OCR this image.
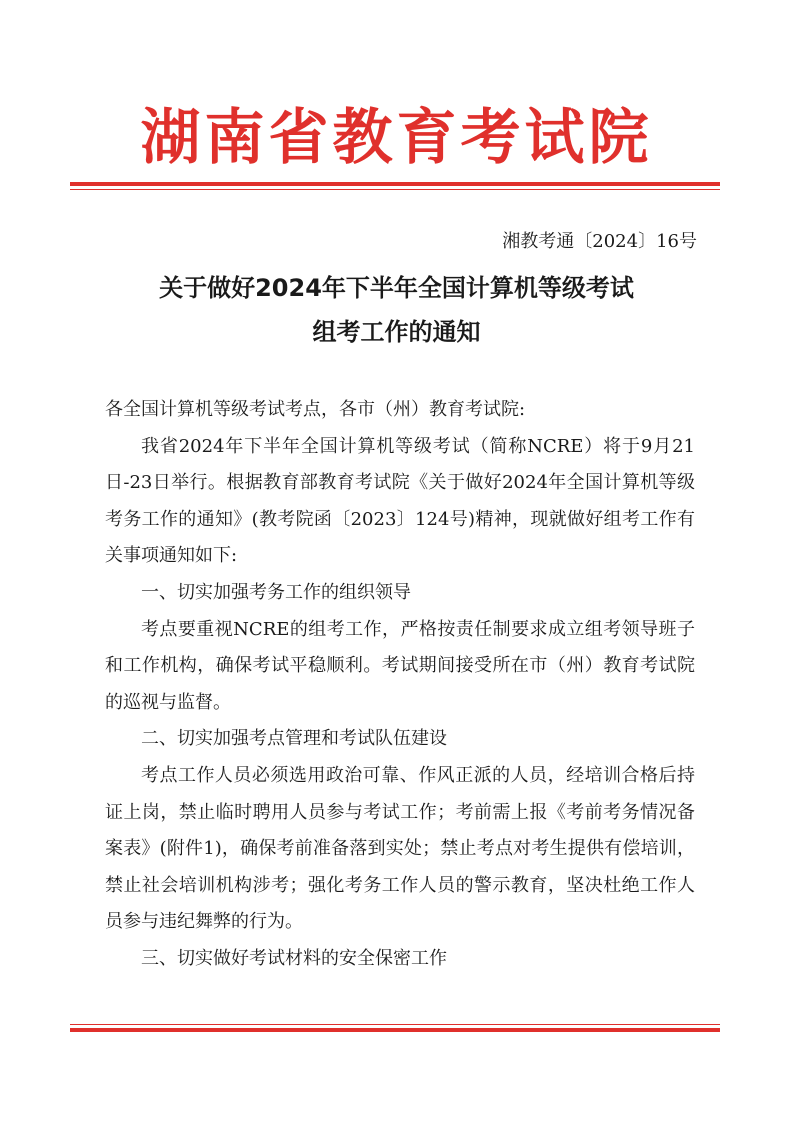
湖南省教育考试院
湘教考通〔2024〕16号
关于做好2024年下半年全国计算机等级考试
组考工作的通知

各全国计算机等级考试考点，各市（州）教育考试院:

我省2024年下半年全国计算机等级考试（简称NCRE）将于9月21日-23日举行。根据教育部教育考试院《关于做好2024年全国计算机等级考务工作的通知》(教考院函〔2023〕124号)精神，现就做好组考工作有关事项通知如下:

一、切实加强考务工作的组织领导

考点要重视NCRE的组考工作，严格按责任制要求成立组考领导班子和工作机构，确保考试平稳顺利。考试期间接受所在市（州）教育考试院的巡视与监督。

二、切实加强考点管理和考试队伍建设

考点工作人员必须选用政治可靠、作风正派的人员，经培训合格后持证上岗，禁止临时聘用人员参与考试工作；考前需上报《考前考务情况备案表》(附件1)，确保考前准备落到实处；禁止考点对考生提供有偿培训，禁止社会培训机构涉考；强化考务工作人员的警示教育，坚决杜绝工作人员参与违纪舞弊的行为。

三、切实做好考试材料的安全保密工作
